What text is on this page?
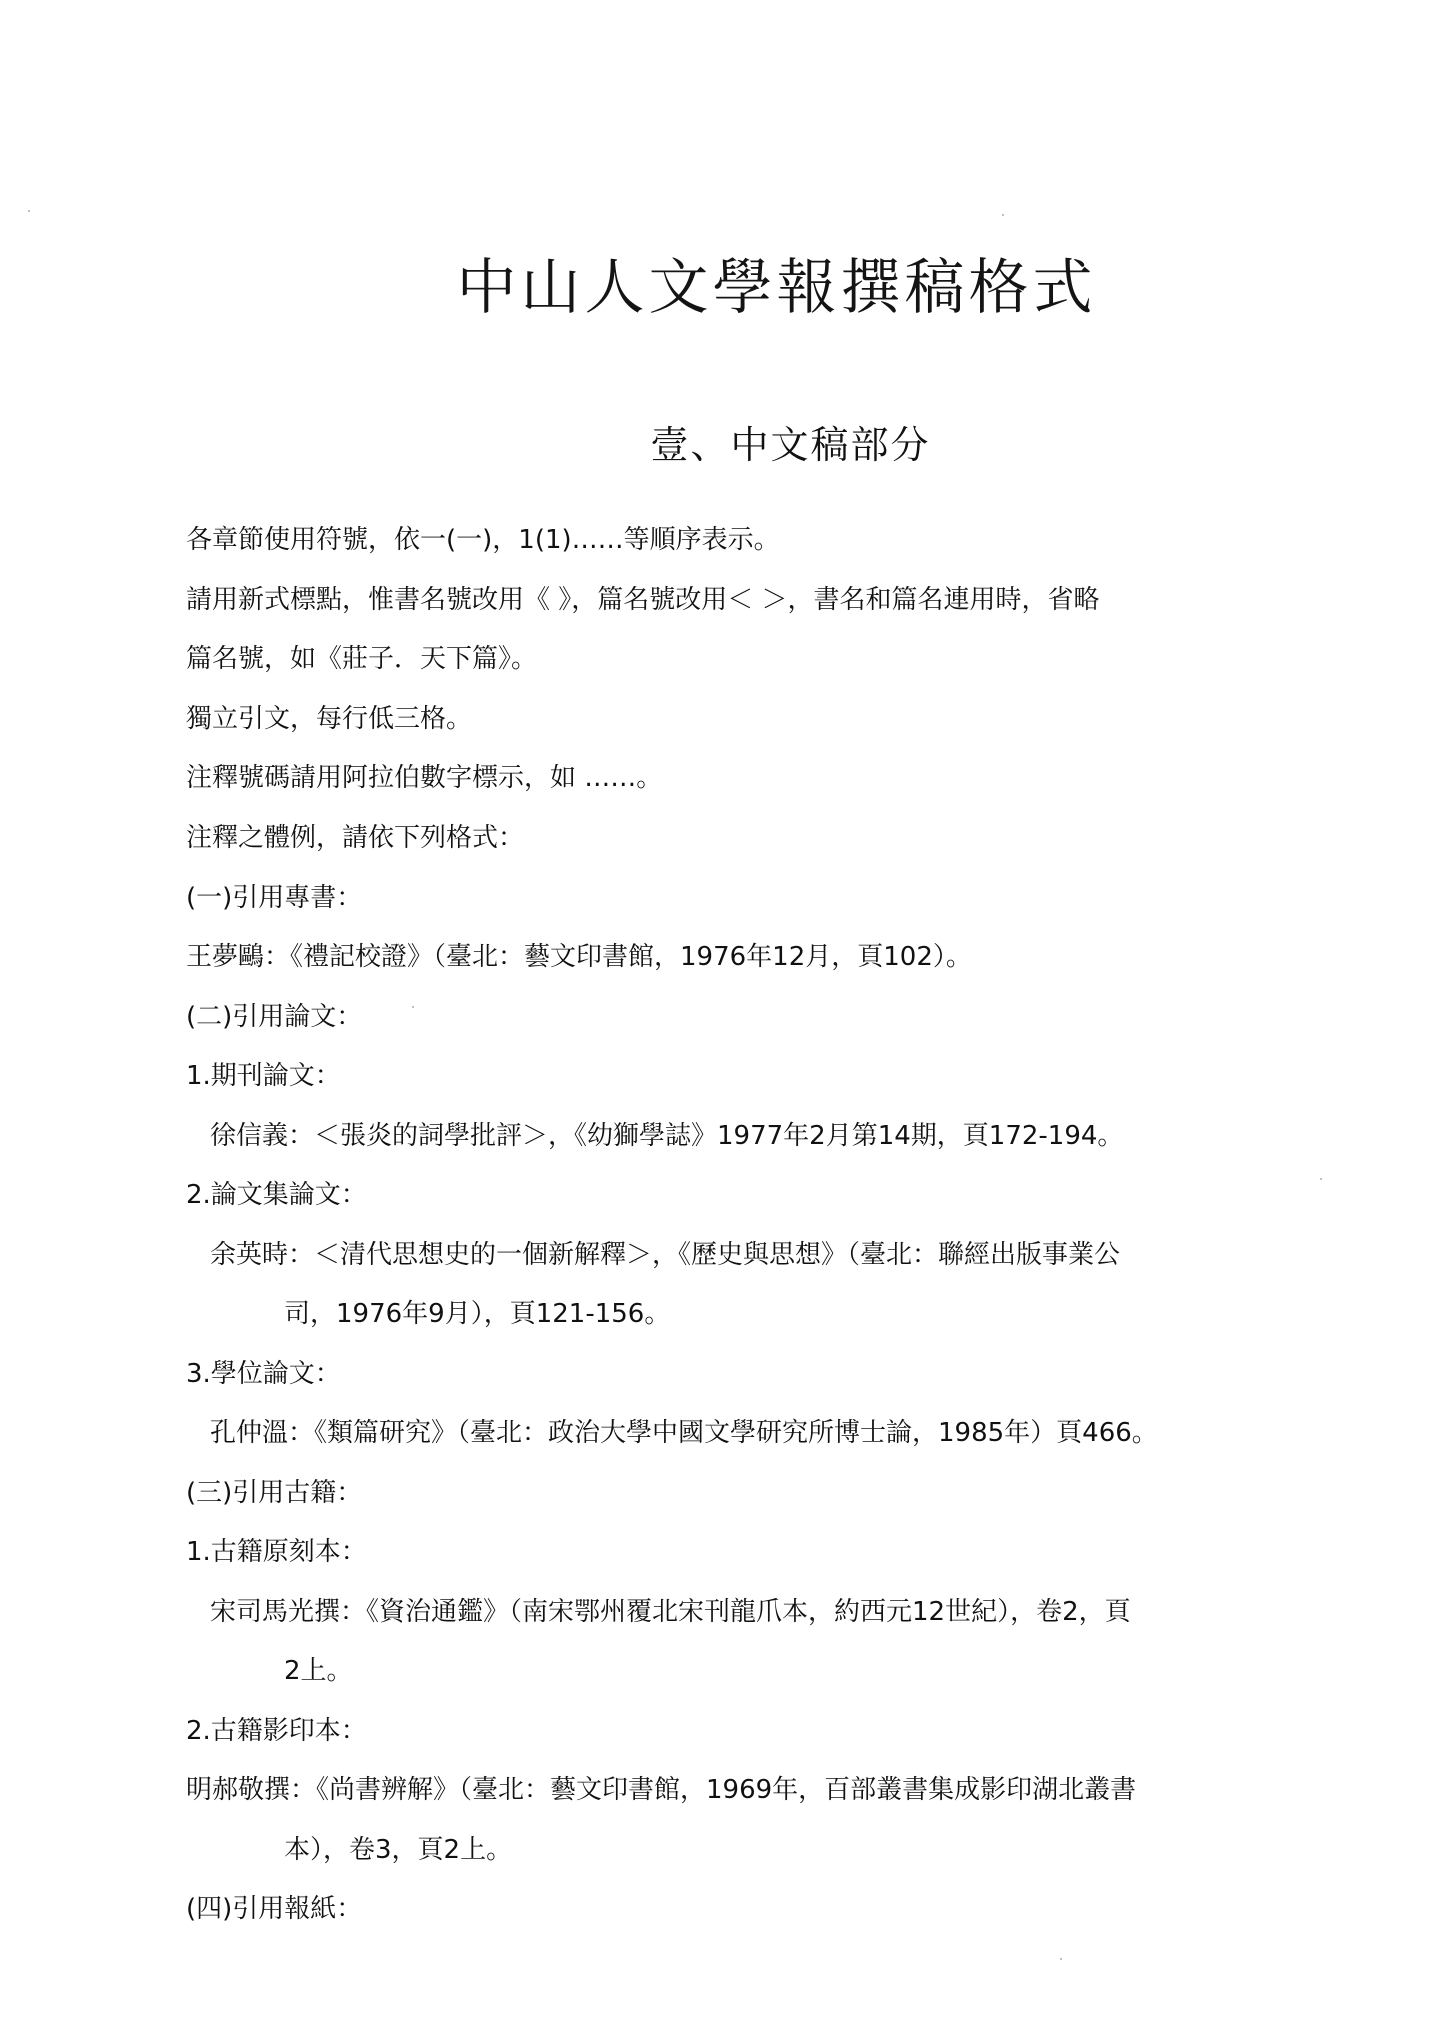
中山人文學報撰稿格式
壹、中文稿部分
各章節使用符號，依一(一)，1(1)……等順序表示。
請用新式標點，惟書名號改用《 》，篇名號改用＜ ＞，書名和篇名連用時，省略
篇名號，如《莊子．天下篇》。
獨立引文，每行低三格。
注釋號碼請用阿拉伯數字標示，如 ……。
注釋之體例，請依下列格式：
(一)引用專書：
王夢鷗：《禮記校證》（臺北：藝文印書館，1976年12月，頁102）。
(二)引用論文：
1.期刊論文：
徐信義：＜張炎的詞學批評＞，《幼獅學誌》1977年2月第14期，頁172-194。
2.論文集論文：
余英時：＜清代思想史的一個新解釋＞，《歷史與思想》（臺北：聯經出版事業公
司，1976年9月），頁121-156。
3.學位論文：
孔仲溫：《類篇研究》（臺北：政治大學中國文學研究所博士論，1985年）頁466。
(三)引用古籍：
1.古籍原刻本：
宋司馬光撰：《資治通鑑》（南宋鄂州覆北宋刊龍爪本，約西元12世紀），卷2，頁
2上。
2.古籍影印本：
明郝敬撰：《尚書辨解》（臺北：藝文印書館，1969年，百部叢書集成影印湖北叢書
本），卷3，頁2上。
(四)引用報紙：
